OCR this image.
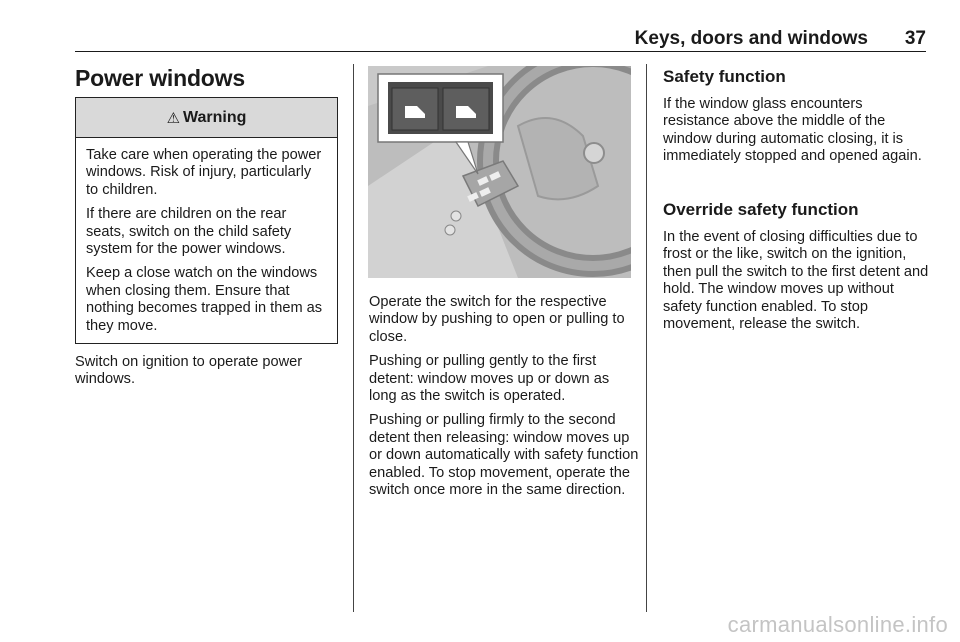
Keys, doors and windows 37
Power windows
⚠ Warning

Take care when operating the power windows. Risk of injury, particularly to children.

If there are children on the rear seats, switch on the child safety system for the power windows.

Keep a close watch on the windows when closing them. Ensure that nothing becomes trapped in them as they move.

Switch on ignition to operate power windows.

Operate the switch for the respective window by pushing to open or pulling to close.

Pushing or pulling gently to the first detent: window moves up or down as long as the switch is operated.

Pushing or pulling firmly to the second detent then releasing: window moves up or down automatically with safety function enabled. To stop movement, operate the switch once more in the same direction.

Safety function

If the window glass encounters resistance above the middle of the window during automatic closing, it is immediately stopped and opened again.

Override safety function

In the event of closing difficulties due to frost or the like, switch on the ignition, then pull the switch to the first detent and hold. The window moves up without safety function enabled. To stop movement, release the switch.

carmanualsonline.info
